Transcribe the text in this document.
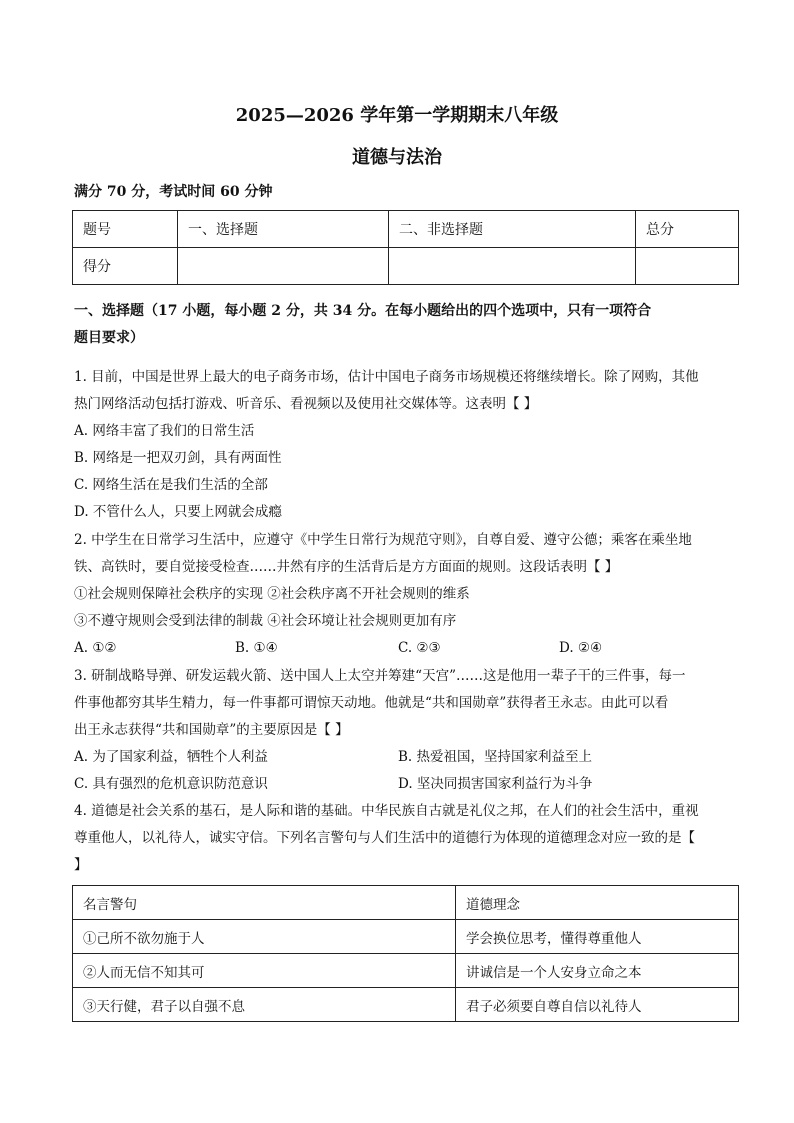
2025—2026 学年第一学期期末八年级
道德与法治
满分 70 分，考试时间 60 分钟
题号	一、选择题	二、非选择题	总分
得分			
一、选择题（17 小题，每小题 2 分，共 34 分。在每小题给出的四个选项中，只有一项符合
题目要求）
1. 目前，中国是世界上最大的电子商务市场，估计中国电子商务市场规模还将继续增长。除了网购，其他
热门网络活动包括打游戏、听音乐、看视频以及使用社交媒体等。这表明【 】
A. 网络丰富了我们的日常生活
B. 网络是一把双刃剑，具有两面性
C. 网络生活在是我们生活的全部
D. 不管什么人，只要上网就会成瘾
2. 中学生在日常学习生活中，应遵守《中学生日常行为规范守则》，自尊自爱、遵守公德；乘客在乘坐地
铁、高铁时，要自觉接受检查……井然有序的生活背后是方方面面的规则。这段话表明【 】
①社会规则保障社会秩序的实现 ②社会秩序离不开社会规则的维系
③不遵守规则会受到法律的制裁 ④社会环境让社会规则更加有序
A. ①②	B. ①④	C. ②③	D. ②④
3. 研制战略导弹、研发运载火箭、送中国人上太空并筹建“天宫”……这是他用一辈子干的三件事，每一
件事他都穷其毕生精力，每一件事都可谓惊天动地。他就是“共和国勋章”获得者王永志。由此可以看
出王永志获得“共和国勋章”的主要原因是【 】
A. 为了国家利益，牺牲个人利益	B. 热爱祖国，坚持国家利益至上
C. 具有强烈的危机意识防范意识	D. 坚决同损害国家利益行为斗争
4. 道德是社会关系的基石，是人际和谐的基础。中华民族自古就是礼仪之邦，在人们的社会生活中，重视
尊重他人，以礼待人，诚实守信。下列名言警句与人们生活中的道德行为体现的道德理念对应一致的是【
】
名言警句	道德理念
①己所不欲勿施于人	学会换位思考，懂得尊重他人
②人而无信不知其可	讲诚信是一个人安身立命之本
③天行健，君子以自强不息	君子必须要自尊自信以礼待人
